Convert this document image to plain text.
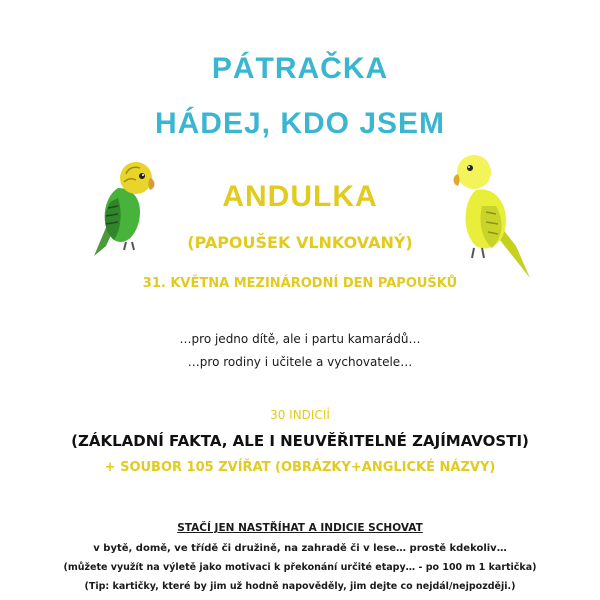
PÁTRAČKA
HÁDEJ, KDO JSEM
ANDULKA
(PAPOUŠEK VLNKOVANÝ)
31. KVĚTNA MEZINÁRODNÍ DEN PAPOUŠKŮ
…pro jedno dítě, ale i partu kamarádů…
…pro rodiny i učitele a vychovatele…
30 INDICIÍ
(ZÁKLADNÍ FAKTA, ALE I NEUVĚŘITELNÉ ZAJÍMAVOSTI)
+ SOUBOR 105 ZVÍŘAT (OBRÁZKY+ANGLICKÉ NÁZVY)
STAČÍ JEN NASTŘÍHAT A INDICIE SCHOVAT
v bytě, domě, ve třídě či družině, na zahradě či v lese… prostě kdekoliv…
(můžete využít na výletě jako motivaci k překonání určité etapy… - po 100 m 1 kartička)
(Tip: kartičky, které by jim už hodně napověděly, jim dejte co nejdál/nejpozději.)
